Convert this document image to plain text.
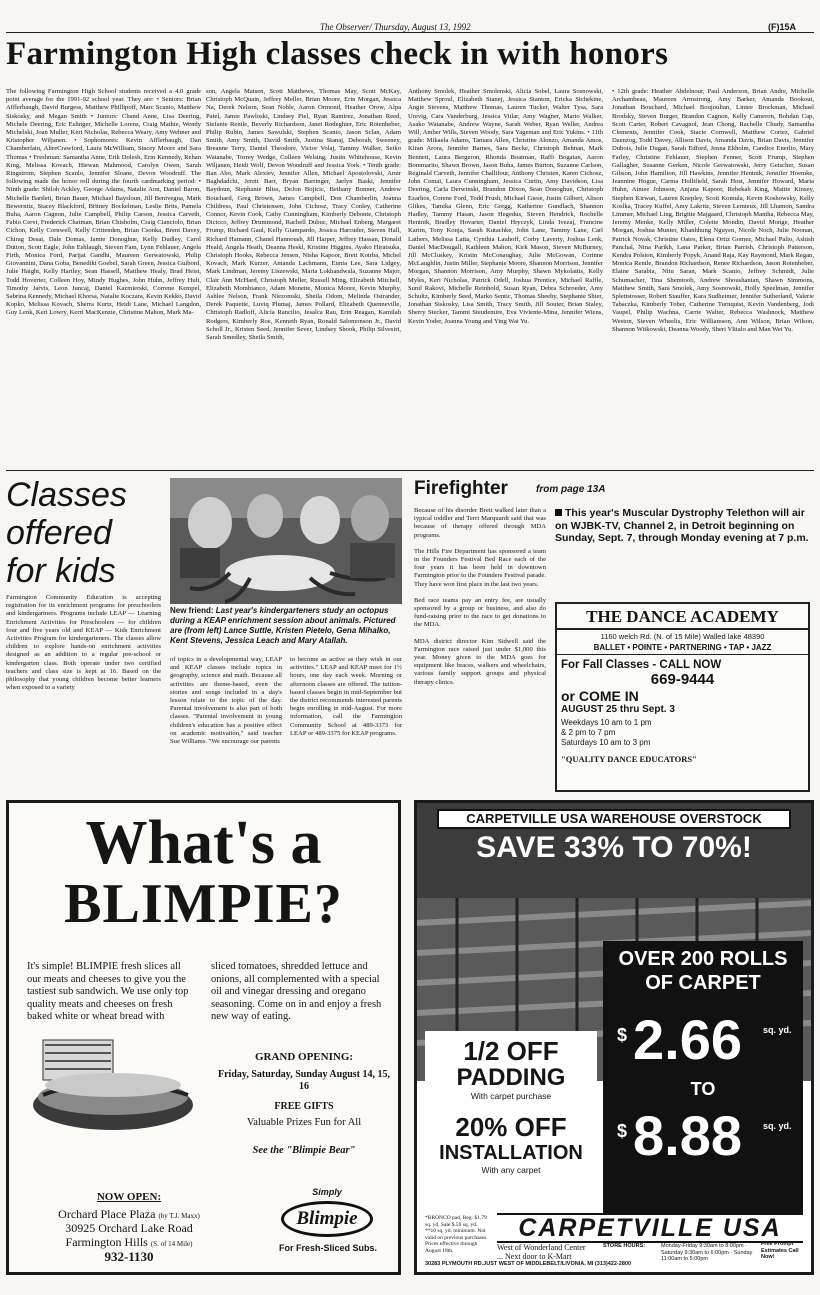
The Observer/ Thursday, August 13, 1992	(F)15A
Farmington High classes check in with honors
The following Farmington High School students received a 4.0 grade point average for the 1991-92 school year. They are: • Seniors: Brian Afflerbaugh, David Burgess, Matthew Phillipoff, Marc Scanio, Matthew Siskosky, and Megan Smith • Juniors: Chand Anne, Lisa Deering, Michele Deering, Eric Eslinger, Michelle Lorenz, Craig Mathie, Wendy Michelski, Joan Muller, Keri Nicholas, Rebecca Weary, Amy Wehner and Kristopher Wiljanen. • Sophomores: Kevin Afflerbaugh, Dan Chamberlain, AlireCrawford, Laura McWilliam, Stacey Moore and Sara Thomas • Freshman: Samantha Anne, Erik Dolesh, Erin Kennedy, Rehan King, Melissa Kovach, Hiewan Mahmood, Carolyn Owen, Sarah Ringstrom, Stephen Scanlo, Jennifer Sloane, Devon Woodruff. The following made the honor roll during the fourth cardmarking period: • Ninth grade: Shiloh Ackley, George Adams, Natalie Aon, Daniel Baron, Michelle Bartlett, Brian Bauer, Michael Baysloun, Jill Benivegna, Mark Bewernitz, Stacey Blackford, Britney Bockelman, Leslie Brits, Pamela Buha, Aaron Cagnon, Julie Campbell, Philip Carson, Jessica Carveth, Fabio Cervi, Frederick Chatman, Brian Chisholm, Craig Cianciolo, Brian Cichon, Kelly Cornwell, Kelly Crittenden, Brian Csonka, Brent Davey, Chirag Desai, Dale Domas, Jamie Donoghue, Kelly Dudley, Carol Dutton, Scott Eagle, John Eshlaugh, Steven Fam, Lynn Fehlauer, Angela Firth, Monica Ford, Parijat Gandhi, Maureen Gerwatowski, Philip Giovannini, Dana Goba, Benedikt Goebel, Sarah Green, Jessica Guibord, Julie Haight, Kelly Hartley, Sean Hassell, Matthew Healy, Brad Heist, Todd Hoverter, Colleen Hoy, Mindy Hughes, John Huhn, Jeffrey Hult, Timothy Jarvis, Leon Juncaj, Daniel Kazmierski, Correne Kempel, Sabrina Kennedy, Michael Khorsa, Natalie Koczara, Kevin Kekko, David Kopko, Melissa Kovach, Sherra Kurtz, Heidi Lane, Michael Langdon, Guy Lenk, Keri Lowry, Kerri MacKenzie, Christine Mahon, Mark Ma-
son, Angela Matsen, Scott Matthews, Thomas May, Scott McKay, Christoph McQuain, Jeffrey Meller, Brian Moore, Erin Morgan, Jessica Na, Derek Nelson, Sean Noble, Aaron Ormond, Heather Orow, Alpa Patel, Jamie Pawloski, Lindsey Piel, Ryan Ramirez, Jonathan Reed, Stefanie Rentle, Beverly Richardson, Janet Rodeghier, Eric Rotenheber, Philip Rubin, James Sawulski, Stephen Scanio, Jason Sclan, Adam Smith, Amy Smith, David Smith, Justina Stanaj, Deborah, Sweeney, Breanne Terry, Daniel Theodore, Victor Volaj, Tammy Walker, Seiko Watanabe, Torrey Wedge, Colleen Welsing, Justin Whitehouse, Kevin Wiljanen, Heidi Wolf, Devon Woodruff and Jessica York. • Tenth grade: Ban Abo, Mark Alexiev, Jennifer Allen, Michael Apostolovski, Amir Baghdadchi, Jerett Barr, Bryan Barringer, Jaelyn Baski, Jennifer Baydoun, Stephanie Bliss, DeJon Bojicic, Bethany Bonner, Andrew Bouchard, Greg Brown, James Campbell, Don Chamberlin, Joanna Childress, Paul Christensen, John Cichosz, Tracy Conley, Catherine Connor, Kevin Cook, Cathy Cunningham, Kimberly Debonte, Christoph Dicicco, Jeffrey Drummond, Rachell Dubuc, Michael Enberg, Margaret Frump, Richard Gaul, Kelly Giampardo, Jessica Harcuder, Steven Hall, Richard Hamann, Chanel Hannoush, Jill Harper, Jeffrey Hassan, Donald Heald, Angela Heath, Deanna Heskl, Kristine Higgins, Ayako Hiratsuka, Christoph Hooks, Rebecca Jensen, Nisha Kapoor, Brett Kotrba, Michel Kovach, Mark Kurzer, Amanda Lachmann, Eunia Lee, Sara Lidgey, Mark Lindman, Jeremy Liszewski, Maria Lokhandwala, Suzanne Major, Clair Ann McHard, Christoph Meller, Russell Ming, Elizabeth Mitchell, Elizabeth Mombianco, Adam Monette, Monica Moore, Kevin Murphy, Ashlee Nelson, Frank Niezomski, Sheila Odom, Melinda Ostrander, Derek Paquette, Luviq Plumaj, James Pollard, Elizabeth Quenneville, Christoph Radloff, Alicia Rancilio, Jesalca Rau, Erin Reagan, Kamilah Rodgers, Kimberly Roe, Kenneth Ryan, Ronald Salomonson Jr., David Scholl Jr., Kristen Seed, Jennifer Sever, Lindsey Shook, Philip Silvestri, Sarah Smedley, Sheila Smith,
Anthony Smolek, Heather Smolenski, Alicia Sobel, Laura Sosnowski, Matthew Sproul, Elizabeth Stanej, Jessica Stanton, Ericka Stchekine, Angie Stevens, Matthew Thomas, Lauren Tucker, Walter Tysa, Sara Urevig, Cara Vanderburg, Jessica Vitlar, Amy Wagner, Mario Walker, Asako Watanabe, Andrew Wayne, Sarah Weber, Ryan Weller, Andrea Will, Amber Wills, Steven Woody, Sara Yageman and Eric Yukins. • 11th grade: Mikaela Adams, Tamara Allen, Christine Alonzo, Amanda Amos, Kiran Arora, Jennifer Barnes, Sara Becke, Christoph Behnan, Mark Bennett, Laura Bergeron, Rhonda Boatman, Raffi Bogaian, Aaron Bommarito, Shawn Brown, Jason Buha, James Burton, Suzanne Carlson, Reginald Carveth, Jennifer Challifour, Anthony Christen, Karen Cichosz, John Comai, Laura Cunningham, Jessica Curtin, Amy Davidson, Lisa Deering, Carla Derwinski, Brandon Dixon, Sean Donoghue, Christoph Ezarhos, Corene Ford, Todd Frush, Michael Giese, Justin Gilbert, Alison Glikes, Tamika Glenn, Eric Gregg, Katherine Gundlach, Shannon Hadley, Tammy Hasan, Jason Hegedus, Steven Hendrick, Rochelle Hentnik, Bradley Hovarter, Daniel Hryczyk, Linda Ivezaj, Francine Karim, Tony Konja, Sarah Kutachke, John Lane, Tammy Lane, Carl Lathers, Melissa Latta, Cynthia Lauhoff, Corby Laverty, Joshua Lenk, Daniel MacDougall, Kathleen Mahon, Kirk Mason, Steven McBurney, Jill McCluskey, Kristin McConaughay, Julie McGowan, Corinne McLaughlin, Justin Miller, Stephanie Moore, Shannon Morrison, Jennifer Morgan, Shannon Morrison, Amy Murphy, Shawn Mykolaitis, Kelly Myles, Keri Nicholas, Patrick Odell, Joshua Prentice, Michael Raffle, Sunil Rakovi, Michelle Reinhold, Susan Ryan, Debra Schroeder, Amy Schultz, Kimberly Seed, Marko Sentic, Thomas Sheehy, Stephanie Shier, Jonathan Siskosky, Lisa Smith, Tracy Smith, Jill Souter, Brian Staley, Sherry Stecker, Tammi Steudemire, Eva Viviente-Mina, Jennifer Wiens, Kevin Yoder, Joanna Young and Ying Wai Yu.
• 12th grade: Heather Abdelnour, Paul Anderson, Brian Andre, Michelle Archambeau, Maureen Armstrong, Amy Barker, Amanda Bookout, Jonathan Bouchard, Michael Boujoulian, Lintee Brockman, Michael Brodsky, Steven Burger, Brandon Cagnon, Kelly Cameron, Bohdan Cap, Scott Carter, Robert Cavagnol, Jean Chong, Rachelle Chudy, Samantha Clements, Jennifer Cook, Stacie Cornwell, Matthew Cortez, Gabriel Daenzog, Todd Davey, Allison Davis, Amanda Davis, Brian Davis, Jennifer Dubois, Julie Dugan, Sarah Edford, Jenna Ekholm, Candice Enerlio, Mary Farley, Christine Fehlauer, Stephen Fenner, Scott Frump, Stephen Gallagher, Susanne Gerken, Nicole Gerwatowski, Jerry Getscher, Susan Gibson, John Hamilton, Jill Hawkins, Jennifer Hentnik, Jennifer Hoemke, Jeannine Hogue, Carma Hollifield, Sarah Host, Jennifer Howard, Maria Huhn, Aimee Johnson, Anjana Kapoor, Rebekah King, Mattie Kinsey, Stephen Kirwan, Lauren Knepley, Scott Komula, Kevin Koshowsky, Kelly Koslka, Tracey Kuffel, Amy Lakritz, Steven Lemieux, Jill Lhamon, Sandra Limmer, Michael Ling, Brigitte Majgaard, Christoph Mantha, Rebecca May, Jeremy Menke, Kelly Miller, Colette Mondin, David Monge, Heather Morgan, Joshua Munter, Khanhhung Nguyen, Nicole Noch, Julie Noonan, Patrick Novak, Christine Oates, Elena Ortiz Gomez, Michael Palio, Ashish Panchal, Nina Parikh, Lana Parker, Brian Parrish, Christoph Patterson, Kendra Polston, Kimberly Popyk, Anand Raja, Kay Raymond, Mark Regan, Monica Rentle, Brandon Richardson, Renee Richardson, Jason Rotenheber, Elaine Sarabia, Nitu Saran, Mark Scanio, Jeffrey Schmidt, Julie Schumacher, Tina Shemtoob, Andrew Shoushanian, Shawn Simmons, Matthew Smith, Sara Smolek, Amy Sosnowski, Holly Speelman, Jennifer Splettstosser, Robert Stauffer, Kara Sudheimer, Jennifer Sutherland, Valerie Tabaczka, Kimberly Tober, Catherine Turnquist, Kevin Vandenberg, Jodi Vaupel, Philip Wachna, Carrie Walter, Rebecca Washnock, Matthew Weston, Steven Wheelis, Eric Williamson, Ann Wilson, Brian Wilson, Shannon Witkowski, Deanna Woody, Sheri Vlitalo and Man Wei Yu.
Classes
offered
for kids
New friend: Last year's kindergarteners study an octopus during a KEAP enrichment session about animals. Pictured are (from left) Lance Suttle, Kristen Pietelo, Gena Mihalko, Kent Stevens, Jessica Leach and Mary Atallah.
Farmington Community Education is accepting registration for its enrichment programs for preschoolers and kindergartners. Programs include LEAP — Learning Enrichment Activities for Preschoolers — for children four and five years old and KEAP — Kids Enrichment Activities Program for kindergarteners. The classes allow children to explore hands-on enrichment activities designed as an addition to a regular pre-school or kindergarten class. Both operate under two certified teachers and class size is kept at 16. Based on the philosophy that young children become better learners when exposed to a variety
of topics in a developmental way, LEAP and KEAP classes include topics in geography, science and math. Because all activities are theme-based, even the stories and songs included in a day's lesson relate to the topic of the day. Parental involvement is also part of both classes. "Parental involvement in young children's education has a positive effect on academic motivation," said teacher Sue Williams. "We encourage our parents
to become as active as they wish in our activities." LEAP and KEAP meet for 1½ hours, one day each week. Morning or afternoon classes are offered. The tuition-based classes begin in mid-September but the district recommends interested parents begin enrolling in mid-August. For more information, call the Farmington Community School at 489-3373 for LEAP or 489-3375 for KEAP programs.
Firefighter	from page 13A
Because of his disorder Brett walked later than a typical toddler and Terri Marquardt said that was because of therapy offered through MDA programs.
The Hills Fire Department has sponsored a team in the Founders Festival Bed Race each of the four years it has been held in downtown Farmington prior to the Founders Festival parade. They have won first place in the last two years.
Bed race teams pay an entry fee, are usually sponsored by a group or business, and also do fund-raising prior to the race to get donations to the MDA.
MDA district director Kim Sidwell said the Farmington race raised just under $1,000 this year. Money given to the MDA goes for equipment like braces, walkers and wheelchairs, various family support groups and physical therapy clinics.
This year's Muscular Dystrophy Telethon will air on WJBK-TV, Channel 2, in Detroit beginning on Sunday, Sept. 7, through Monday evening at 7 p.m.
THE DANCE ACADEMY
1160 welch Rd. (N. of 15 Mile) Walled lake 48390
BALLET • POINTE • PARTNERING • TAP • JAZZ
For Fall Classes - CALL NOW
669-9444
or COME IN
AUGUST 25 thru Sept. 3
Weekdays 10 am to 1 pm
& 2 pm to 7 pm
Saturdays 10 am to 3 pm
"QUALITY DANCE EDUCATORS"
What's a
BLIMPIE?
It's simple! BLIMPIE fresh slices all our meats and cheeses to give you the tastiest sub sandwich. We use only top quality meats and cheeses on fresh baked white or wheat bread with
sliced tomatoes, shredded lettuce and onions, all complemented with a special oil and vinegar dressing and oregano seasoning. Come on in and enjoy a fresh new way of eating.
GRAND OPENING:
Friday, Saturday, Sunday August 14, 15, 16
FREE GIFTS
Valuable Prizes Fun for All
See the "Blimpie Bear"
NOW OPEN:
Orchard Place Plaza (by T.J. Maxx)
30925 Orchard Lake Road
Farmington Hills (S. of 14 Mile)
932-1130
Simply
Blimpie
For Fresh-Sliced Subs.
CARPETVILLE USA WAREHOUSE OVERSTOCK
SAVE 33% TO 70%!
OVER 200 ROLLS OF CARPET
$ 2.66 sq. yd.
TO
$ 8.88 sq. yd.
1/2 OFF
PADDING
With carpet purchase
20% OFF
INSTALLATION
With any carpet
*BRONCO pad, Reg. $1.79 sq. yd. Sale $.59 sq. yd. **10 sq. yd. minimum. Not valid on previous purchases. Prices effective through August 18th.
CARPETVILLE USA
West of Wonderland Center
... Next door to K-Mart
STORE HOURS:	Monday-Friday 9:30am to 8:00pm · Saturday 9:30am to 6:00pm · Sunday 11:00am to 5:00pm
Free Prompt Estimates Call Now!
30283 PLYMOUTH RD.JUST WEST OF MIDDLEBELT/LIVONIA, MI (313)422-2800
